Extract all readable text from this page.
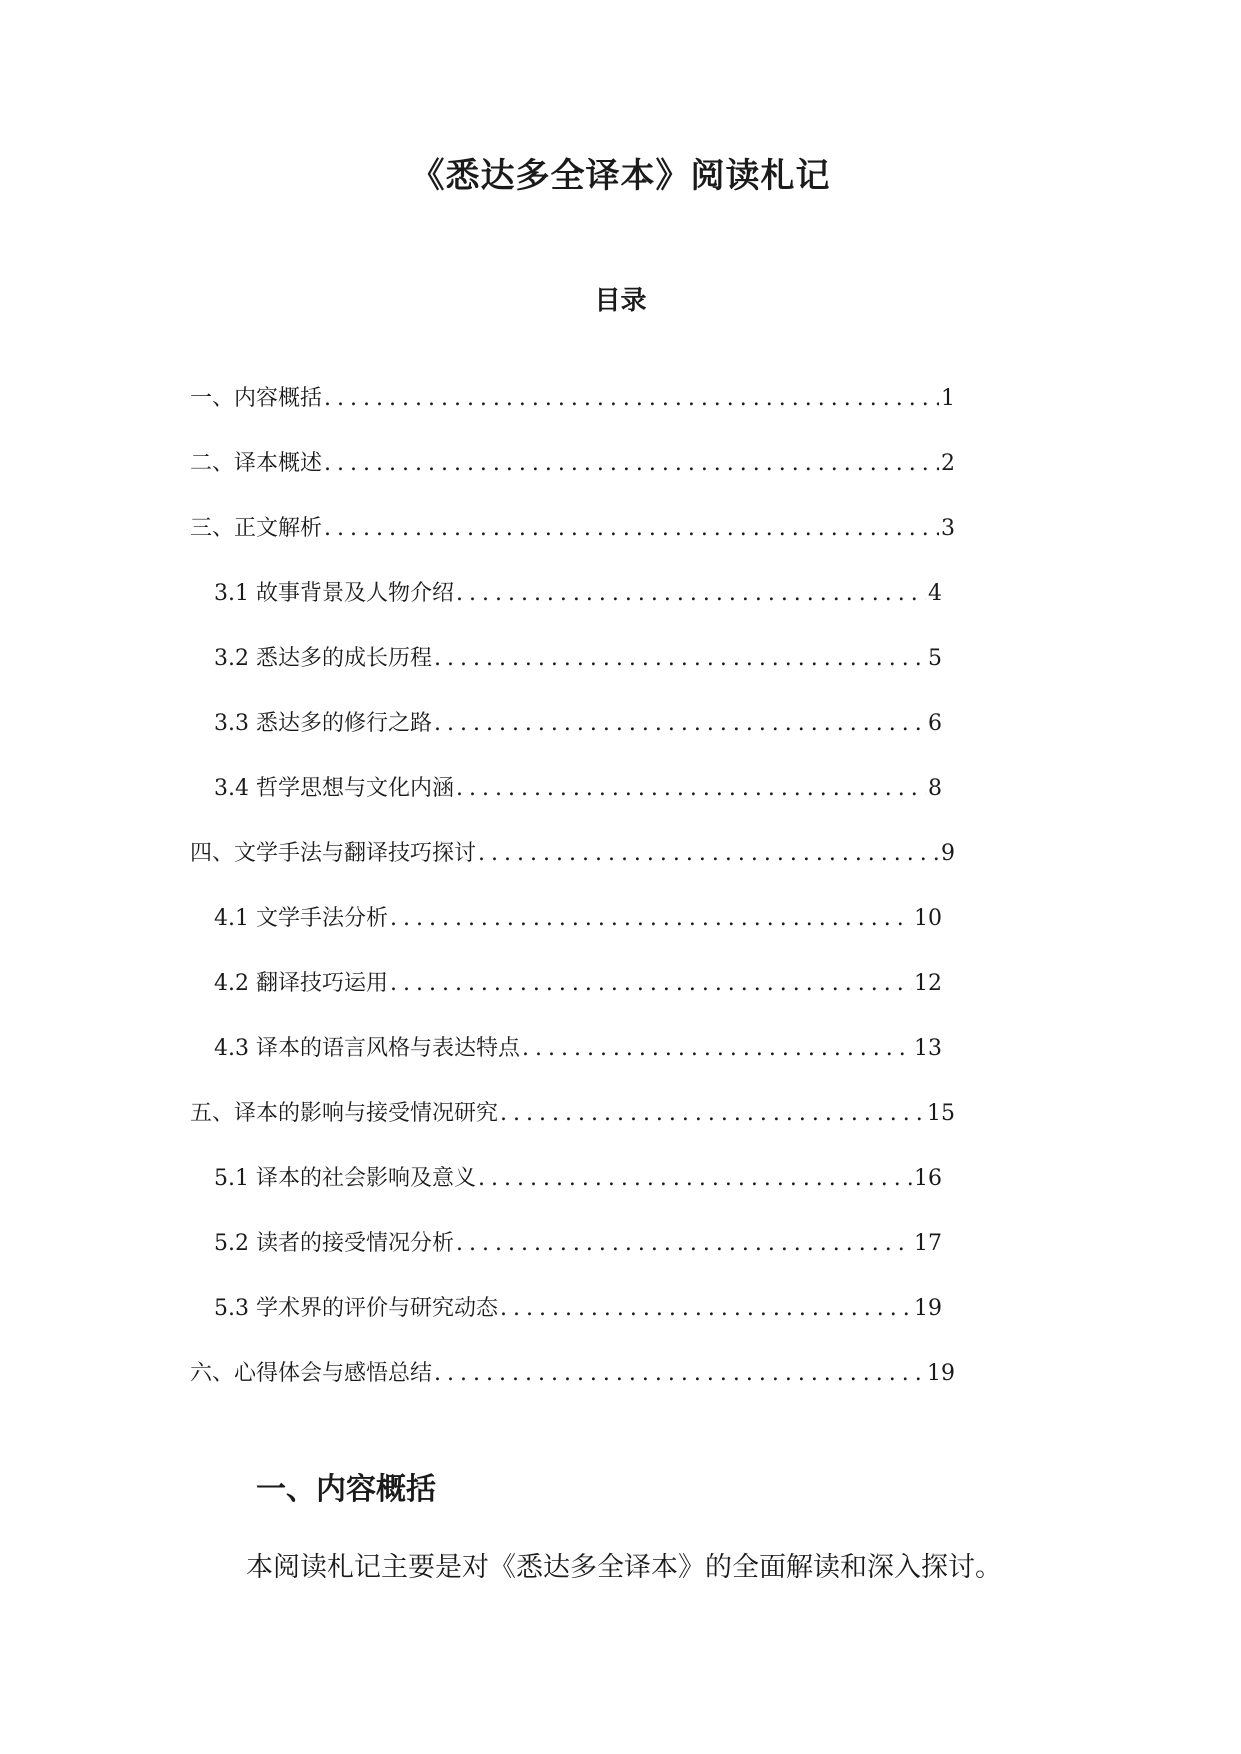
《悉达多全译本》阅读札记
目录
一、内容概括 .....	1
二、译本概述 .....	2
三、正文解析 .....	3
3.1 故事背景及人物介绍 .....	4
3.2 悉达多的成长历程 .....	5
3.3 悉达多的修行之路 .....	6
3.4 哲学思想与文化内涵 .....	8
四、文学手法与翻译技巧探讨 .....	9
4.1 文学手法分析 .....	10
4.2 翻译技巧运用 .....	12
4.3 译本的语言风格与表达特点 .....	13
五、译本的影响与接受情况研究 .....	15
5.1 译本的社会影响及意义 .....	16
5.2 读者的接受情况分析 .....	17
5.3 学术界的评价与研究动态 .....	19
六、心得体会与感悟总结 .....	19
一、内容概括
本阅读札记主要是对《悉达多全译本》的全面解读和深入探讨。
